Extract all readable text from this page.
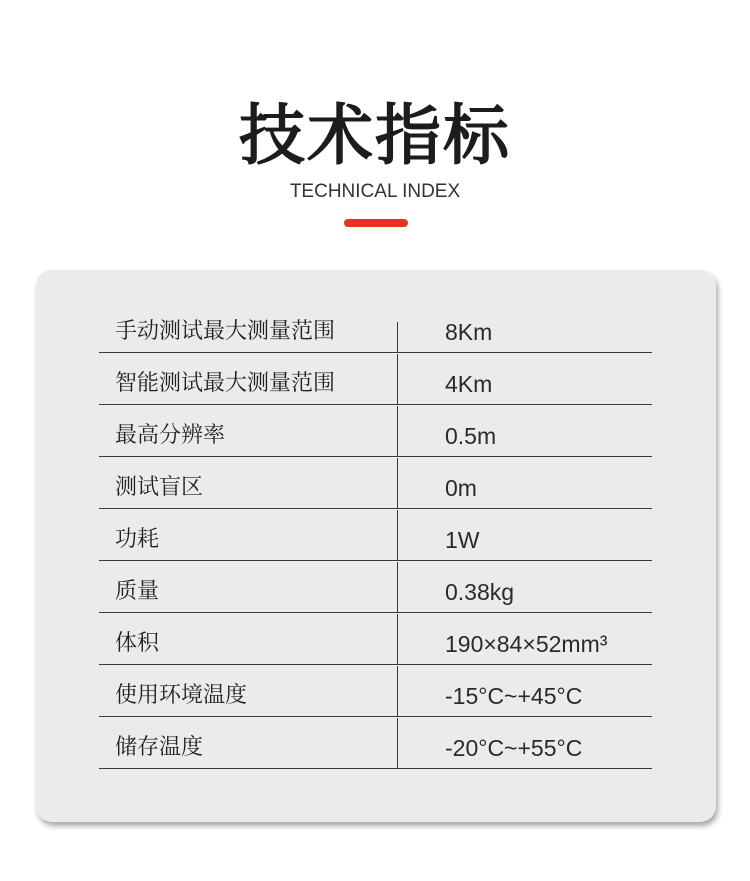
技术指标
TECHNICAL INDEX
手动测试最大测量范围	8Km
智能测试最大测量范围	4Km
最高分辨率	0.5m
测试盲区	0m
功耗	1W
质量	0.38kg
体积	190×84×52mm³
使用环境温度	-15°C~+45°C
储存温度	-20°C~+55°C
